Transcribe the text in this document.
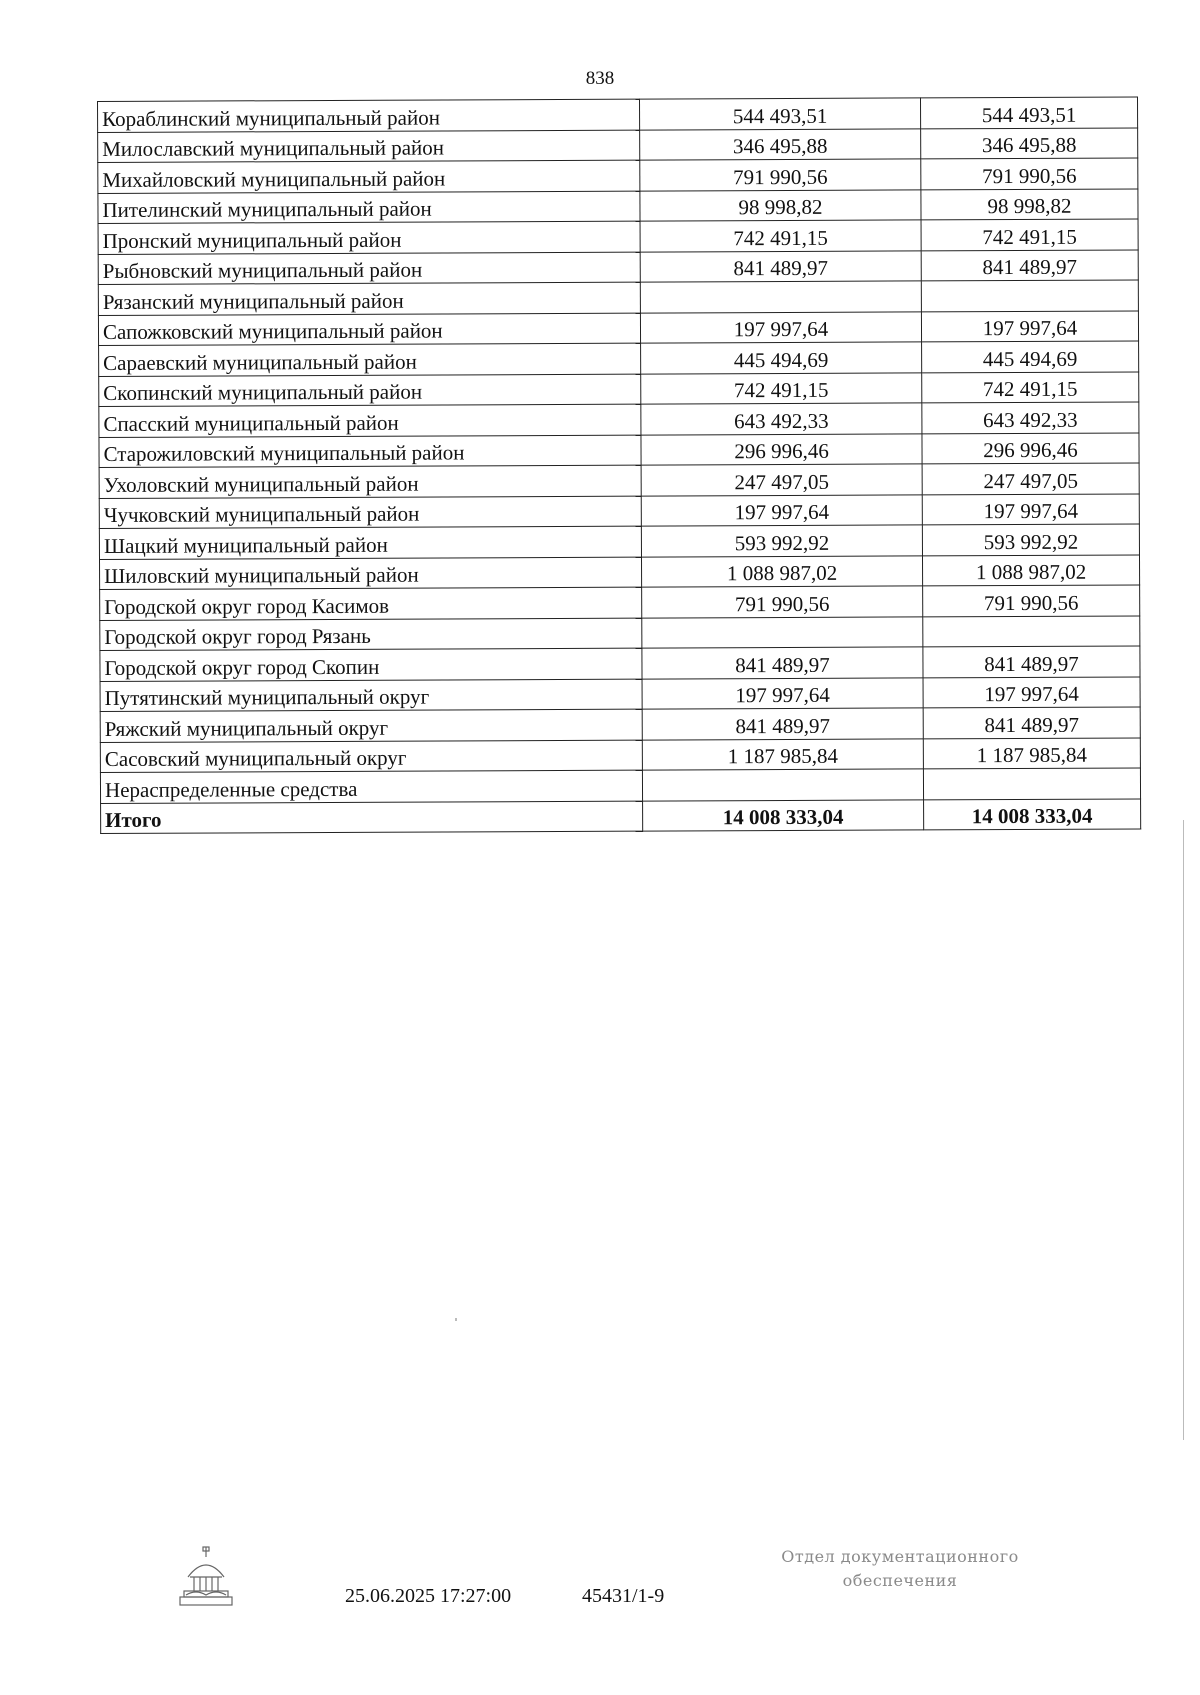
838
Кораблинский муниципальный район	544 493,51	544 493,51
Милославский муниципальный район	346 495,88	346 495,88
Михайловский муниципальный район	791 990,56	791 990,56
Пителинский муниципальный район	98 998,82	98 998,82
Пронский муниципальный район	742 491,15	742 491,15
Рыбновский муниципальный район	841 489,97	841 489,97
Рязанский муниципальный район		
Сапожковский муниципальный район	197 997,64	197 997,64
Сараевский муниципальный район	445 494,69	445 494,69
Скопинский муниципальный район	742 491,15	742 491,15
Спасский муниципальный район	643 492,33	643 492,33
Старожиловский муниципальный район	296 996,46	296 996,46
Ухоловский муниципальный район	247 497,05	247 497,05
Чучковский муниципальный район	197 997,64	197 997,64
Шацкий муниципальный район	593 992,92	593 992,92
Шиловский муниципальный район	1 088 987,02	1 088 987,02
Городской округ город Касимов	791 990,56	791 990,56
Городской округ город Рязань		
Городской округ город Скопин	841 489,97	841 489,97
Путятинский муниципальный округ	197 997,64	197 997,64
Ряжский муниципальный округ	841 489,97	841 489,97
Сасовский муниципальный округ	1 187 985,84	1 187 985,84
Нераспределенные средства		
Итого	14 008 333,04	14 008 333,04
25.06.2025 17:27:00	45431/1-9
Отдел документационного
обеспечения
